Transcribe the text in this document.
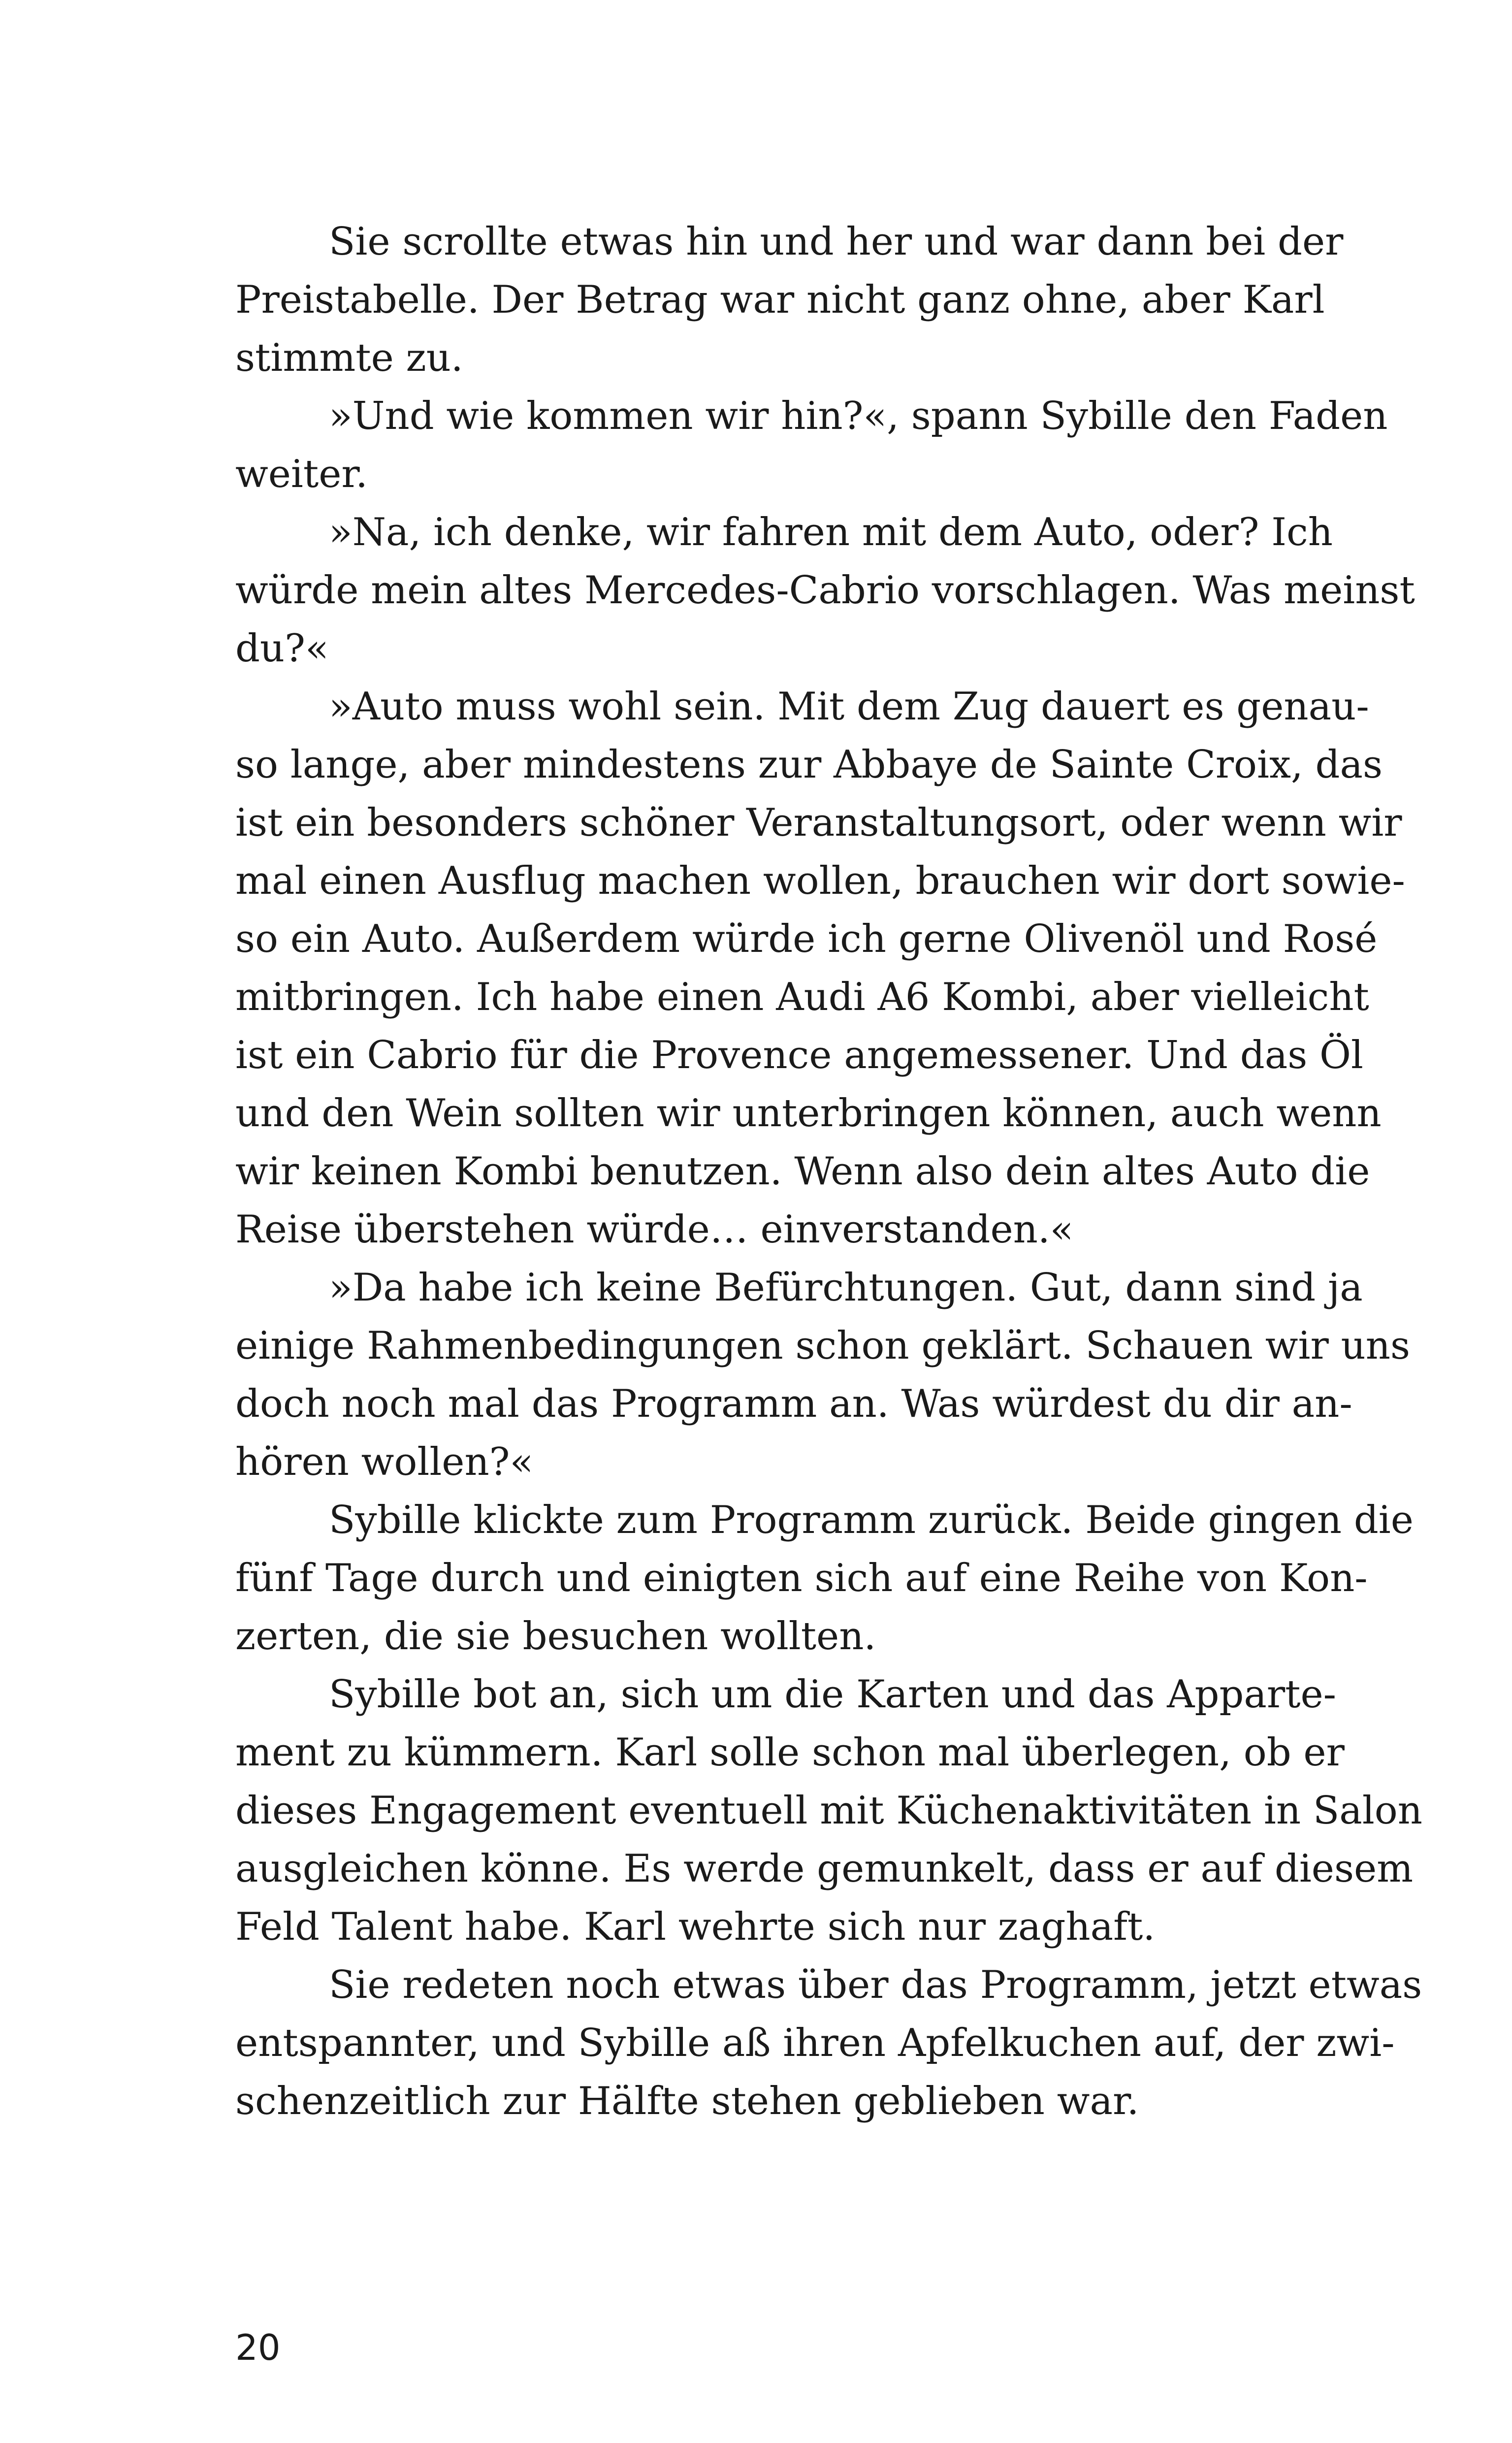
Sie scrollte etwas hin und her und war dann bei der
Preistabelle. Der Betrag war nicht ganz ohne, aber Karl
stimmte zu.
»Und wie kommen wir hin?«, spann Sybille den Faden
weiter.
»Na, ich denke, wir fahren mit dem Auto, oder? Ich
würde mein altes Mercedes-Cabrio vorschlagen. Was meinst
du?«
»Auto muss wohl sein. Mit dem Zug dauert es genau-
so lange, aber mindestens zur Abbaye de Sainte Croix, das
ist ein besonders schöner Veranstaltungsort, oder wenn wir
mal einen Ausflug machen wollen, brauchen wir dort sowie-
so ein Auto. Außerdem würde ich gerne Olivenöl und Rosé
mitbringen. Ich habe einen Audi A6 Kombi, aber vielleicht
ist ein Cabrio für die Provence angemessener. Und das Öl
und den Wein sollten wir unterbringen können, auch wenn
wir keinen Kombi benutzen. Wenn also dein altes Auto die
Reise überstehen würde… einverstanden.«
»Da habe ich keine Befürchtungen. Gut, dann sind ja
einige Rahmenbedingungen schon geklärt. Schauen wir uns
doch noch mal das Programm an. Was würdest du dir an-
hören wollen?«
Sybille klickte zum Programm zurück. Beide gingen die
fünf Tage durch und einigten sich auf eine Reihe von Kon-
zerten, die sie besuchen wollten.
Sybille bot an, sich um die Karten und das Apparte-
ment zu kümmern. Karl solle schon mal überlegen, ob er
dieses Engagement eventuell mit Küchenaktivitäten in Salon
ausgleichen könne. Es werde gemunkelt, dass er auf diesem
Feld Talent habe. Karl wehrte sich nur zaghaft.
Sie redeten noch etwas über das Programm, jetzt etwas
entspannter, und Sybille aß ihren Apfelkuchen auf, der zwi-
schenzeitlich zur Hälfte stehen geblieben war.
20
